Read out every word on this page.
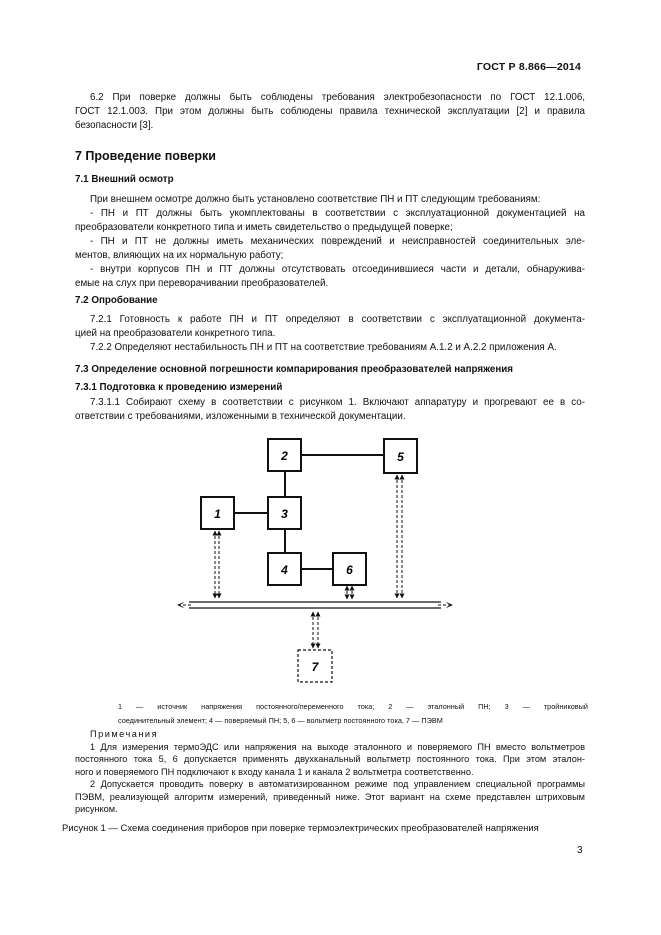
ГОСТ Р 8.866—2014
6.2 При поверке должны быть соблюдены требования электробезопасности по ГОСТ 12.1.006,
ГОСТ 12.1.003. При этом должны быть соблюдены правила технической эксплуатации [2] и правила
безопасности [3].
7 Проведение поверки
7.1 Внешний осмотр
При внешнем осмотре должно быть установлено соответствие ПН и ПТ следующим требованиям:
- ПН и ПТ должны быть укомплектованы в соответствии с эксплуатационной документацией на
преобразователи конкретного типа и иметь свидетельство о предыдущей поверке;
- ПН и ПТ не должны иметь механических повреждений и неисправностей соединительных эле-
ментов, влияющих на их нормальную работу;
- внутри корпусов ПН и ПТ должны отсутствовать отсоединившиеся части и детали, обнаружива-
емые на слух при переворачивании преобразователей.
7.2 Опробование
7.2.1 Готовность к работе ПН и ПТ определяют в соответствии с эксплуатационной документа-
цией на преобразователи конкретного типа.
7.2.2 Определяют нестабильность ПН и ПТ на соответствие требованиям А.1.2 и А.2.2 приложения А.
7.3 Определение основной погрешности компарирования преобразователей напряжения
7.3.1 Подготовка к проведению измерений
7.3.1.1 Собирают схему в соответствии с рисунком 1. Включают аппаратуру и прогревают ее в со-
ответствии с требованиями, изложенными в технической документации.
2	5
1	3
4	6
7
1 — источник напряжения постоянного/переменного тока; 2 — эталонный ПН; 3 — тройниковый
соединительный элемент; 4 — поверяемый ПН; 5, 6 — вольтметр постоянного тока, 7 — ПЭВМ
Примечания
1 Для измерения термоЭДС или напряжения на выходе эталонного и поверяемого ПН вместо вольтметров
постоянного тока 5, 6 допускается применять двухканальный вольтметр постоянного тока. При этом эталон-
ного и поверяемого ПН подключают к входу канала 1 и канала 2 вольтметра соответственно.
2 Допускается проводить поверку в автоматизированном режиме под управлением специальной программы
ПЭВМ, реализующей алгоритм измерений, приведенный ниже. Этот вариант на схеме представлен штриховым
рисунком.
Рисунок 1 — Схема соединения приборов при поверке термоэлектрических преобразователей напряжения
3
